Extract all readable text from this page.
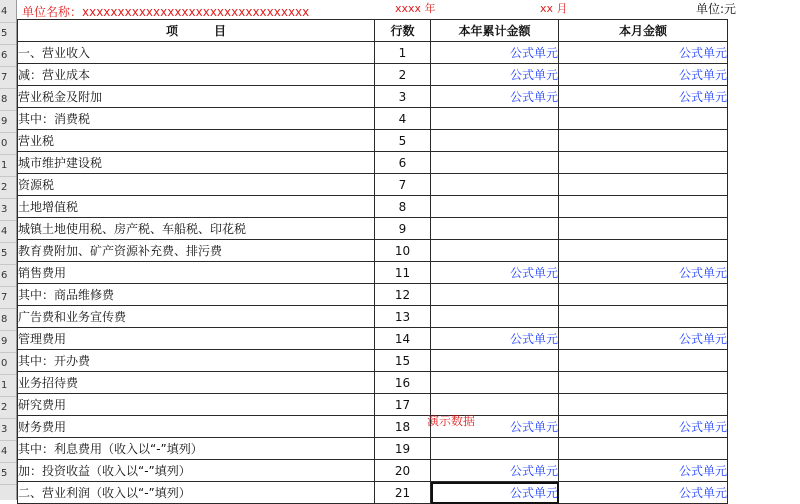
4
5
6
7
8
9
0
1
2
3
4
5
6
7
8
9
0
1
2
3
4
5
单位名称：xxxxxxxxxxxxxxxxxxxxxxxxxxxxxxxx	xxxx 年	xx 月	单位:元
项　　　目	行数	本年累计金额	本月金额
一、营业收入	1	公式单元	公式单元
减：营业成本	2	公式单元	公式单元
营业税金及附加	3	公式单元	公式单元
其中：消费税	4		
营业税	5		
城市维护建设税	6		
资源税	7		
土地增值税	8		
城镇土地使用税、房产税、车船税、印花税	9		
教育费附加、矿产资源补充费、排污费	10		
销售费用	11	公式单元	公式单元
其中：商品维修费	12		
广告费和业务宣传费	13		
管理费用	14	公式单元	公式单元
其中：开办费	15		
业务招待费	16		
研究费用	17		
财务费用	18	公式单元	公式单元
其中：利息费用（收入以“-”填列）	19		
加：投资收益（收入以“-”填列）	20	公式单元	公式单元
二、营业利润（收入以“-”填列）	21	公式单元	公式单元
演示数据
